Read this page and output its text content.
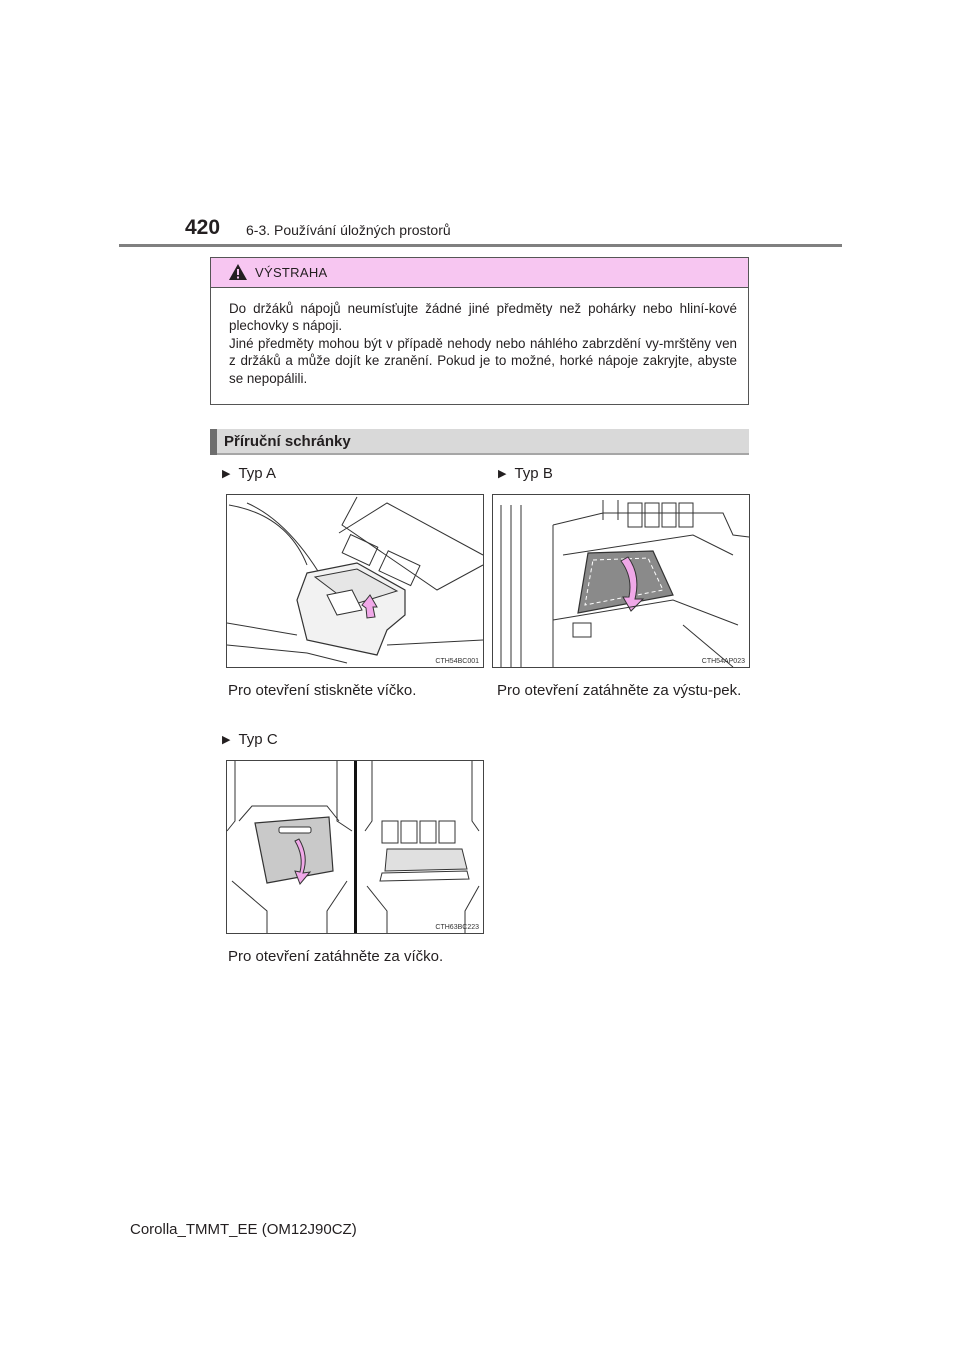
420 6-3. Používání úložných prostorů
VÝSTRAHA

Do držáků nápojů neumísťujte žádné jiné předměty než pohárky nebo hliní-kové plechovky s nápoji.

Jiné předměty mohou být v případě nehody nebo náhlého zabrzdění vy-mrštěny ven z držáků a může dojít ke zranění. Pokud je to možné, horké nápoje zakryjte, abyste se nepopálili.

Příruční schránky
▶ Typ A
CTH54BC001
Pro otevření stiskněte víčko.
▶ Typ B
CTH54AP023
Pro otevření zatáhněte za výstu-pek.
▶ Typ C
CTH63BC223
Pro otevření zatáhněte za víčko.
Corolla_TMMT_EE (OM12J90CZ)
